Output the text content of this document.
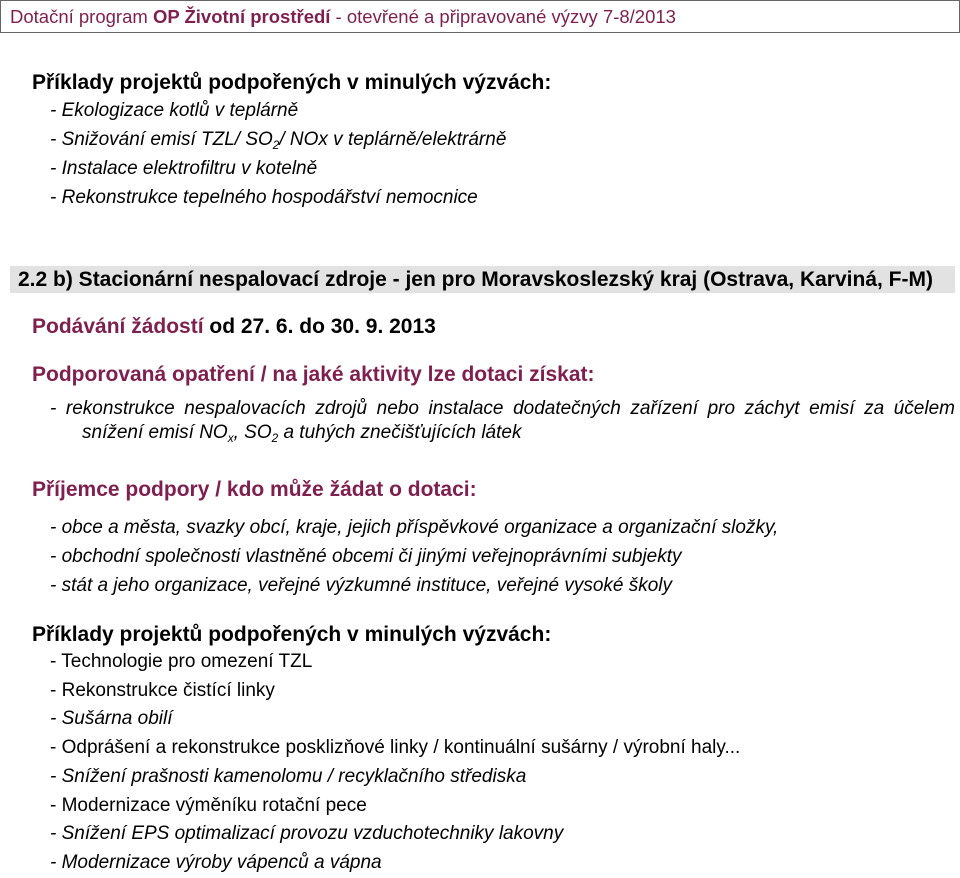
Dotační program OP Životní prostředí - otevřené a připravované výzvy 7-8/2013
Příklady projektů podpořených v minulých výzvách:
- Ekologizace kotlů v teplárně
- Snižování emisí TZL/ $SO_2/$ NOx v teplárně/elektrárně
- Instalace elektrofiltru v kotelně
- Rekonstrukce tepelného hospodářství nemocnice
2.2 b) Stacionární nespalovací zdroje - jen pro Moravskoslezský kraj (Ostrava, Karviná, F-M)
Podávání žádostí od 27. 6. do 30. 9. 2013
Podporovaná opatření / na jaké aktivity lze dotaci získat:
- rekonstrukce nespalovacích zdrojů nebo instalace dodatečných zařízení pro záchyt emisí za účelem snížení emisí $NO_x$, $SO_2$ a tuhých znečišťujících látek
Příjemce podpory / kdo může žádat o dotaci:
- obce a města, svazky obcí, kraje, jejich příspěvkové organizace a organizační složky,
- obchodní společnosti vlastněné obcemi či jinými veřejnoprávními subjekty
- stát a jeho organizace, veřejné výzkumné instituce, veřejné vysoké školy
Příklady projektů podpořených v minulých výzvách:
- Technologie pro omezení TZL
- Rekonstrukce čistící linky
- Sušárna obilí
- Odprášení a rekonstrukce posklizňové linky / kontinuální sušárny / výrobní haly...
- Snížení prašnosti kamenolomu / recyklačního střediska
- Modernizace výměníku rotační pece
- Snížení EPS optimalizací provozu vzduchotechniky lakovny
- Modernizace výroby vápenců a vápna
